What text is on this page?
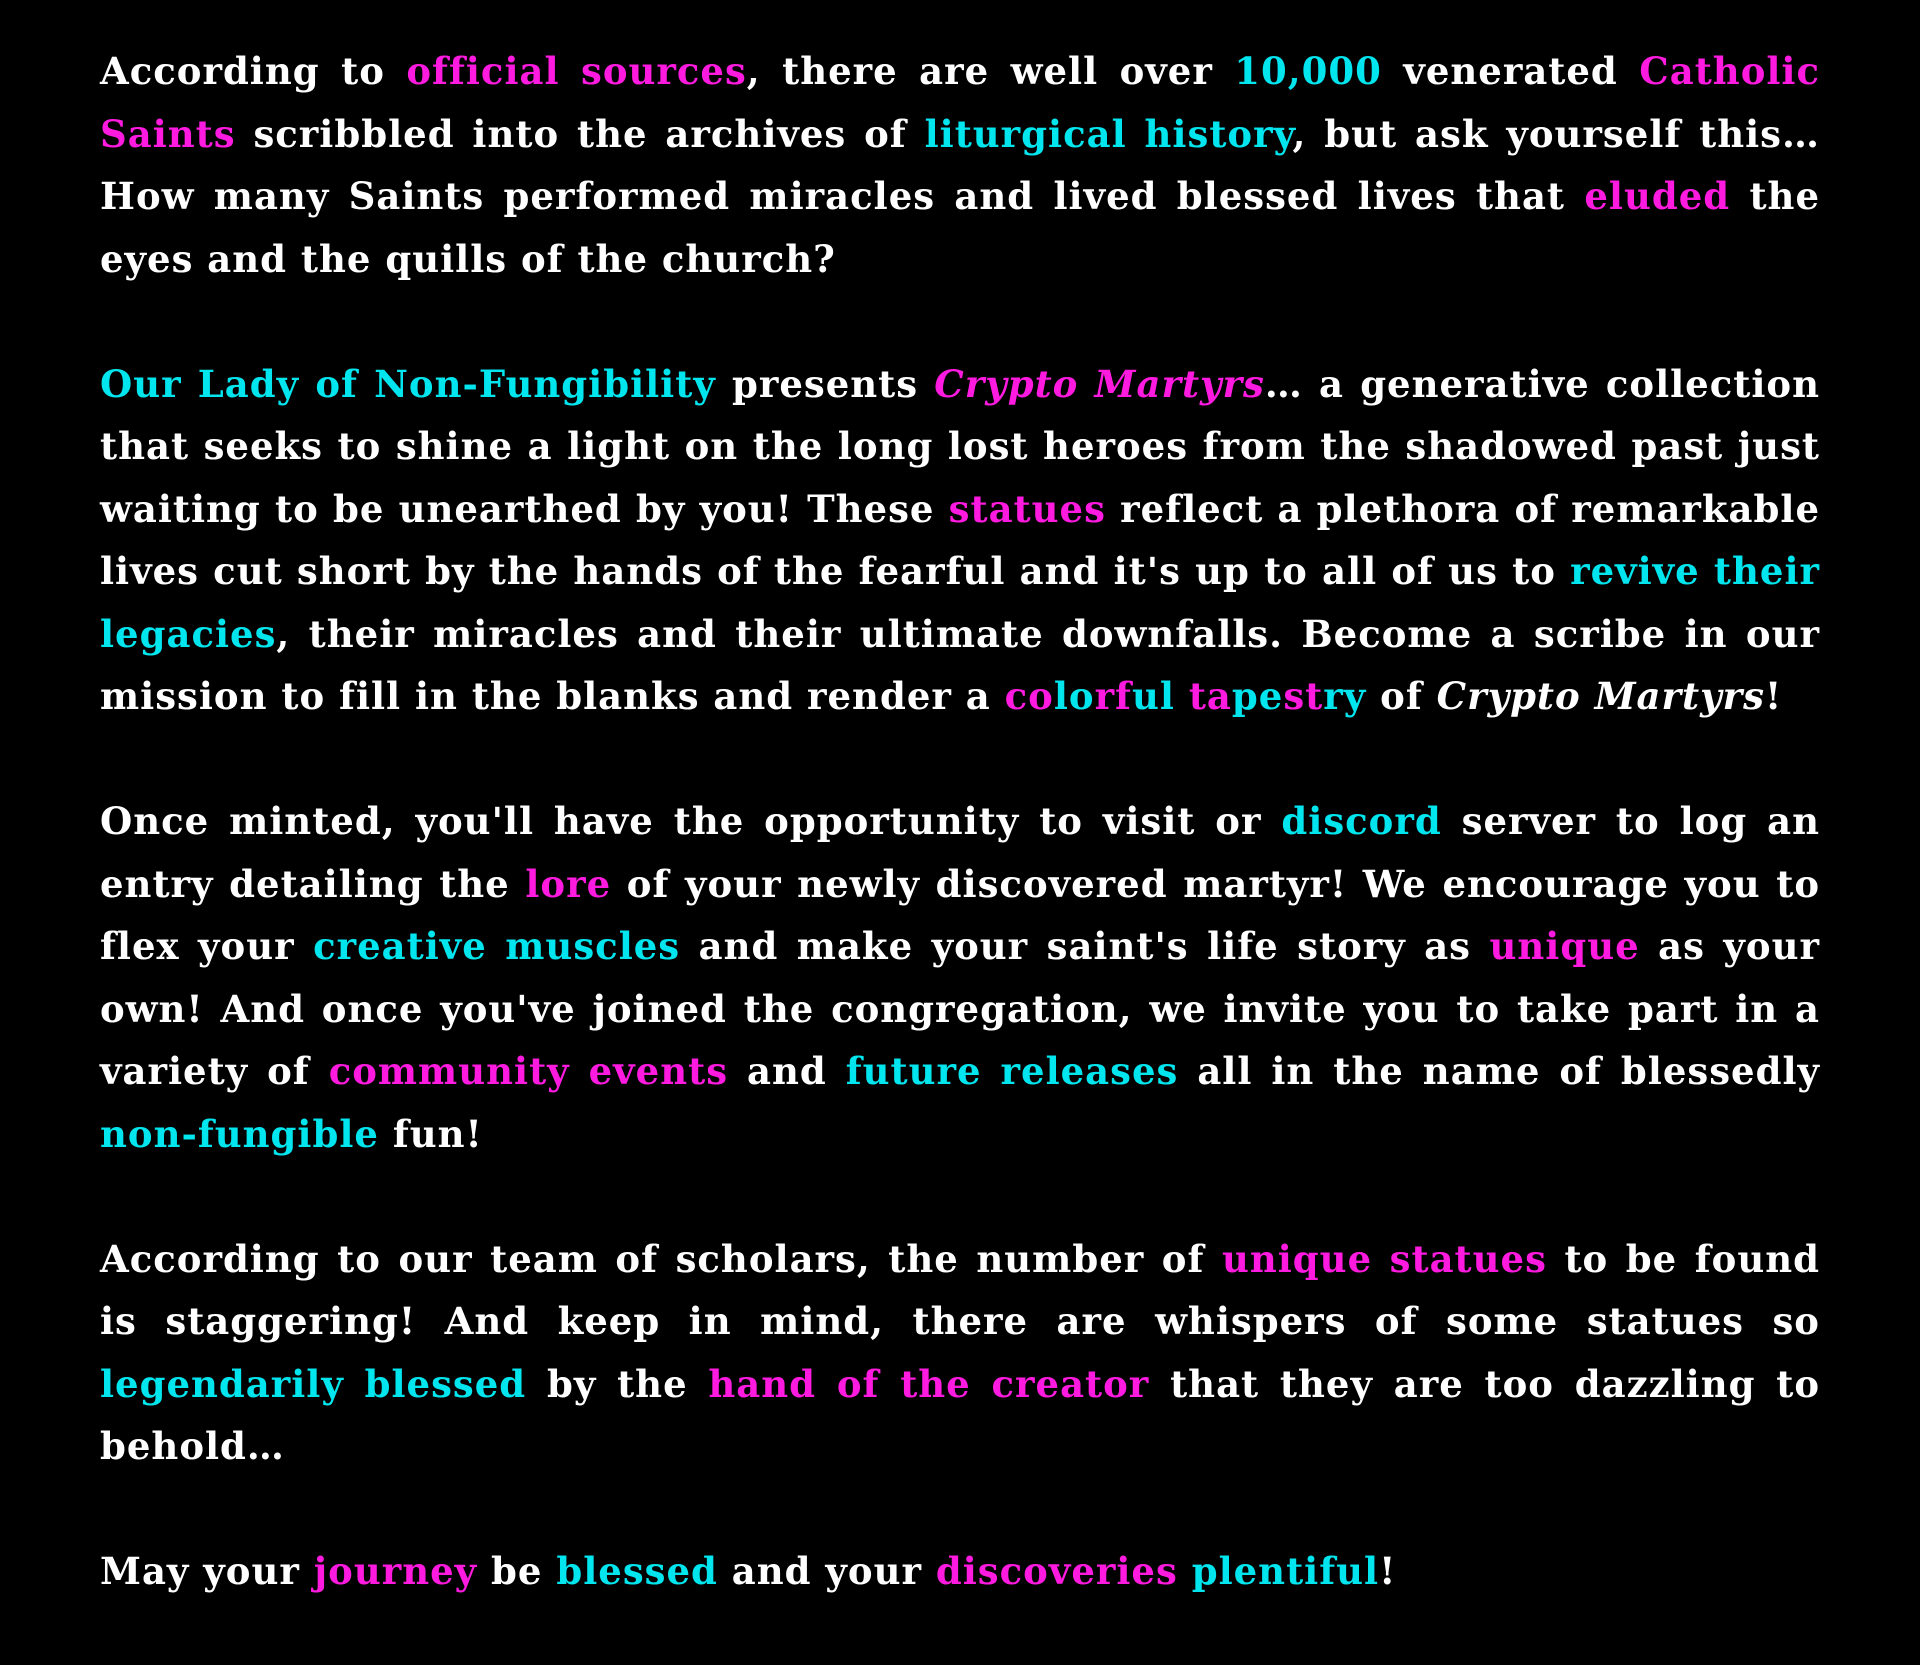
According to official sources, there are well over 10,000 venerated Catholic Saints scribbled into the archives of liturgical history, but ask yourself this… How many Saints performed miracles and lived blessed lives that eluded the eyes and the quills of the church?

Our Lady of Non-Fungibility presents Crypto Martyrs… a generative collection that seeks to shine a light on the long lost heroes from the shadowed past just waiting to be unearthed by you! These statues reflect a plethora of remarkable lives cut short by the hands of the fearful and it's up to all of us to revive their legacies, their miracles and their ultimate downfalls. Become a scribe in our mission to fill in the blanks and render a colorful tapestry of Crypto Martyrs!

Once minted, you'll have the opportunity to visit or discord server to log an entry detailing the lore of your newly discovered martyr! We encourage you to flex your creative muscles and make your saint's life story as unique as your own! And once you've joined the congregation, we invite you to take part in a variety of community events and future releases all in the name of blessedly non-fungible fun!

According to our team of scholars, the number of unique statues to be found is staggering! And keep in mind, there are whispers of some statues so legendarily blessed by the hand of the creator that they are too dazzling to behold…

May your journey be blessed and your discoveries plentiful!
